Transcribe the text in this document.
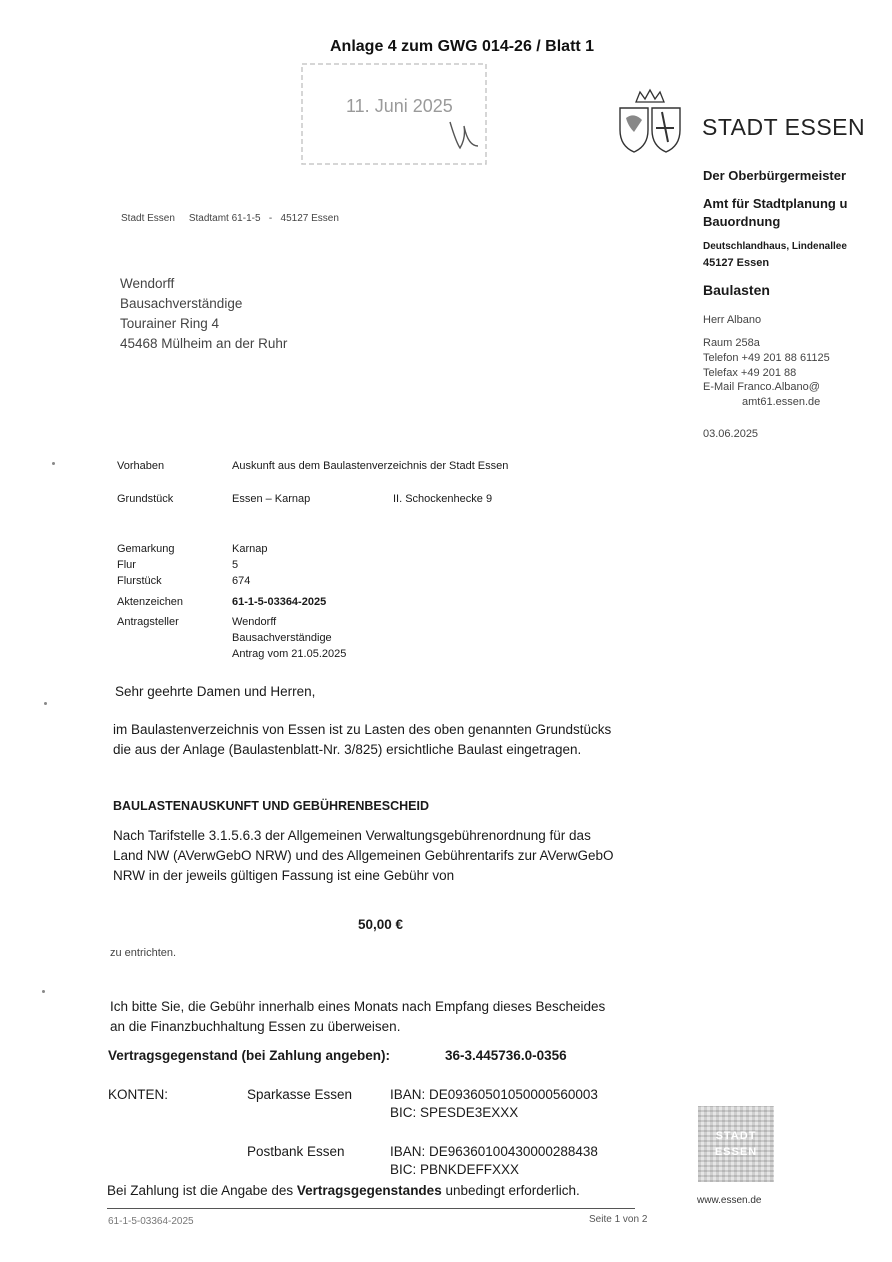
Anlage 4 zum GWG 014-26 / Blatt 1
11. Juni 2025
STADT ESSEN
Der Oberbürgermeister
Amt für Stadtplanung u
Bauordnung
Deutschlandhaus, Lindenallee
45127 Essen
Baulasten
Herr Albano
Raum 258a
Telefon +49 201 88 61125
Telefax +49 201 88
E-Mail Franco.Albano@
amt61.essen.de
03.06.2025
Stadt Essen     Stadtamt 61-1-5   -   45127 Essen
Wendorff
Bausachverständige
Tourainer Ring 4
45468 Mülheim an der Ruhr
Vorhaben	Auskunft aus dem Baulastenverzeichnis der Stadt Essen
Grundstück	Essen – Karnap	II. Schockenhecke 9
Gemarkung	Karnap
Flur	5
Flurstück	674
Aktenzeichen	61-1-5-03364-2025
Antragsteller	Wendorff
Bausachverständige
Antrag vom 21.05.2025
Sehr geehrte Damen und Herren,
im Baulastenverzeichnis von Essen ist zu Lasten des oben genannten Grundstücks
die aus der Anlage (Baulastenblatt-Nr. 3/825) ersichtliche Baulast eingetragen.
BAULASTENAUSKUNFT UND GEBÜHRENBESCHEID
Nach Tarifstelle 3.1.5.6.3 der Allgemeinen Verwaltungsgebührenordnung für das
Land NW (AVerwGebO NRW) und des Allgemeinen Gebührentarifs zur AVerwGebO
NRW in der jeweils gültigen Fassung ist eine Gebühr von
50,00 €
zu entrichten.
Ich bitte Sie, die Gebühr innerhalb eines Monats nach Empfang dieses Bescheides
an die Finanzbuchhaltung Essen zu überweisen.
Vertragsgegenstand (bei Zahlung angeben):	36-3.445736.0-0356
KONTEN:	Sparkasse Essen	IBAN: DE09360501050000560003
BIC: SPESDE3EXXX
Postbank Essen	IBAN: DE96360100430000288438
BIC: PBNKDEFFXXX
Bei Zahlung ist die Angabe des Vertragsgegenstandes unbedingt erforderlich.
61-1-5-03364-2025	Seite 1 von 2
STADT
ESSEN
www.essen.de
